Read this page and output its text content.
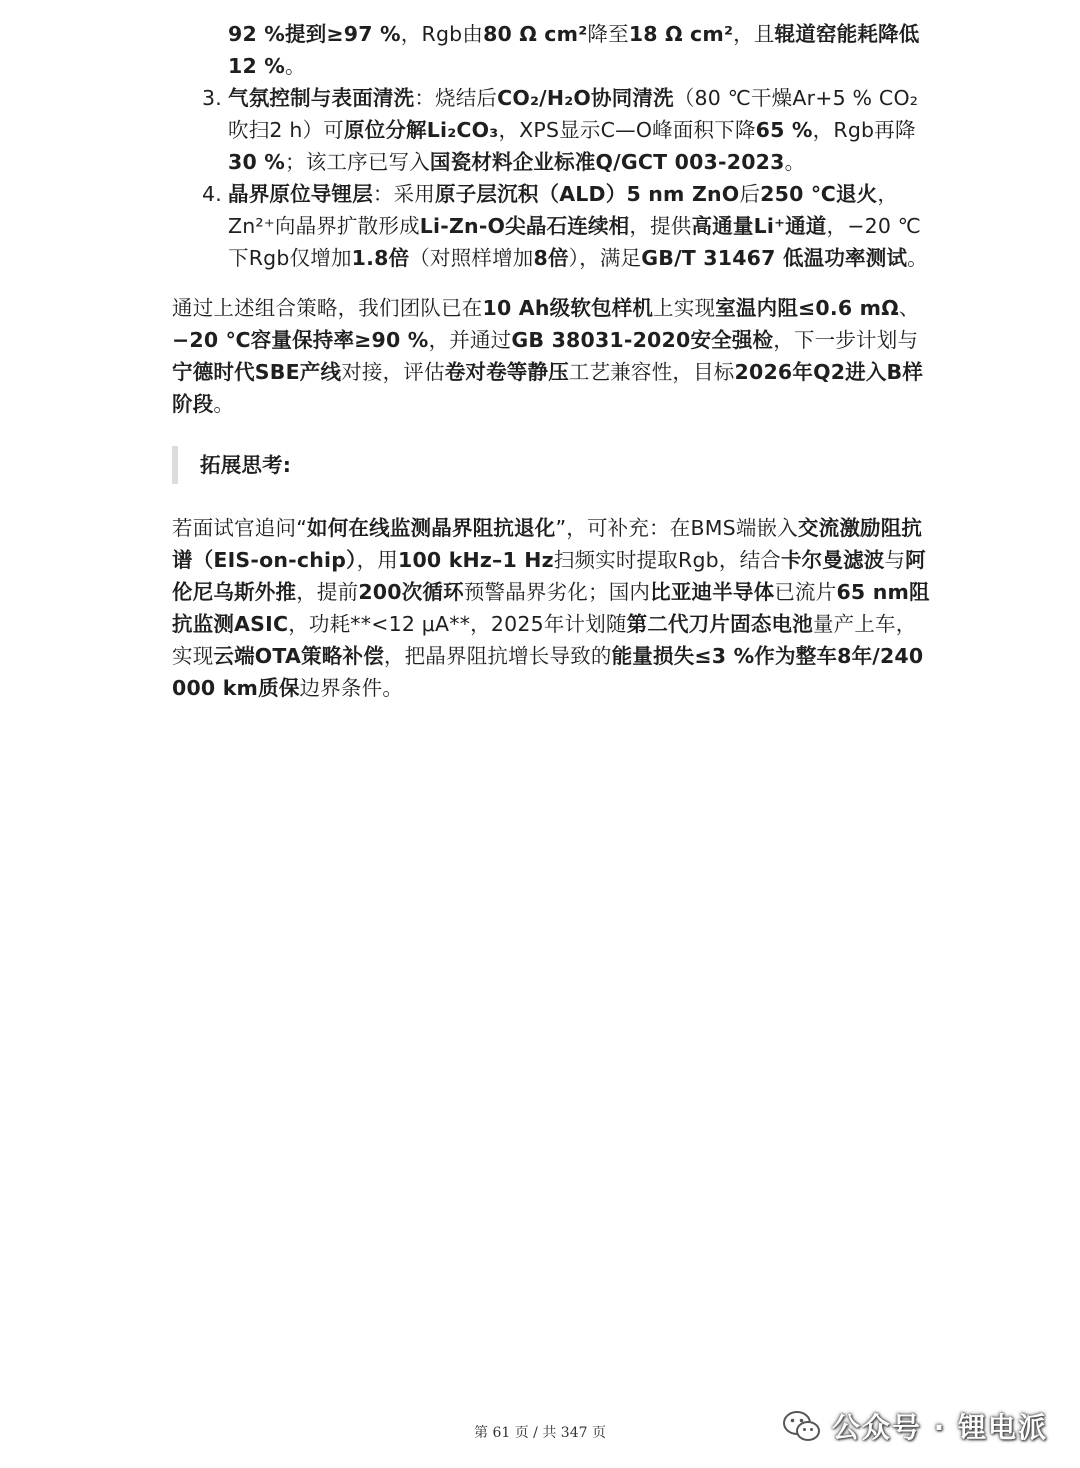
92 %提到≥97 %，Rgb由80 Ω cm²降至18 Ω cm²，且辊道窑能耗降低12 %。
3. 气氛控制与表面清洗：烧结后CO₂/H₂O协同清洗（80 ℃干燥Ar+5 % CO₂吹扫2 h）可原位分解Li₂CO₃，XPS显示C—O峰面积下降65 %，Rgb再降30 %；该工序已写入国瓷材料企业标准Q/GCT 003-2023。
4. 晶界原位导锂层：采用原子层沉积（ALD）5 nm ZnO后250 ℃退火，Zn²⁺向晶界扩散形成Li-Zn-O尖晶石连续相，提供高通量Li⁺通道，−20 ℃下Rgb仅增加1.8倍（对照样增加8倍），满足GB/T 31467 低温功率测试。
通过上述组合策略，我们团队已在10 Ah级软包样机上实现室温内阻≤0.6 mΩ、−20 ℃容量保持率≥90 %，并通过GB 38031-2020安全强检，下一步计划与宁德时代SBE产线对接，评估卷对卷等静压工艺兼容性，目标2026年Q2进入B样阶段。
拓展思考:
若面试官追问“如何在线监测晶界阻抗退化”，可补充：在BMS端嵌入交流激励阻抗谱（EIS-on-chip），用100 kHz–1 Hz扫频实时提取Rgb，结合卡尔曼滤波与阿伦尼乌斯外推，提前200次循环预警晶界劣化；国内比亚迪半导体已流片65 nm阻抗监测ASIC，功耗**<12 μA**，2025年计划随第二代刀片固态电池量产上车，实现云端OTA策略补偿，把晶界阻抗增长导致的能量损失≤3 %作为整车8年/240 000 km质保边界条件。
第 61 页 / 共 347 页	公众号 · 锂电派
